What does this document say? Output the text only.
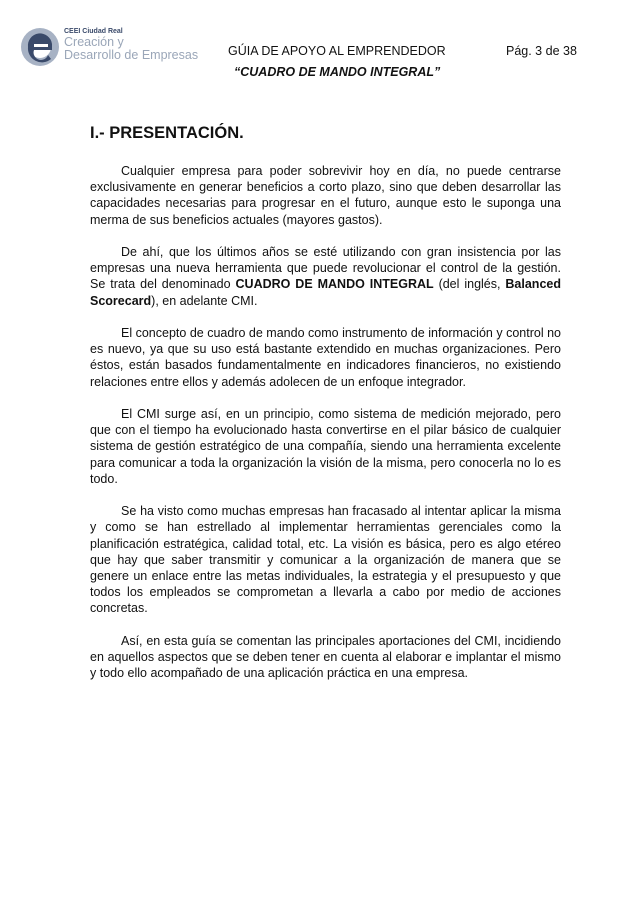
CEEI Ciudad Real
Creación y
Desarrollo de Empresas GÚIA DE APOYO AL EMPRENDEDOR	Pág. 3 de 38
“CUADRO DE MANDO INTEGRAL”
I.- PRESENTACIÓN.

Cualquier empresa para poder sobrevivir hoy en día, no puede centrarse exclusivamente en generar beneficios a corto plazo, sino que deben desarrollar las capacidades necesarias para progresar en el futuro, aunque esto le suponga una merma de sus beneficios actuales (mayores gastos).

De ahí, que los últimos años se esté utilizando con gran insistencia por las empresas una nueva herramienta que puede revolucionar el control de la gestión. Se trata del denominado CUADRO DE MANDO INTEGRAL (del inglés, Balanced Scorecard), en adelante CMI.

El concepto de cuadro de mando como instrumento de información y control no es nuevo, ya que su uso está bastante extendido en muchas organizaciones. Pero éstos, están basados fundamentalmente en indicadores financieros, no existiendo relaciones entre ellos y además adolecen de un enfoque integrador.

El CMI surge así, en un principio, como sistema de medición mejorado, pero que con el tiempo ha evolucionado hasta convertirse en el pilar básico de cualquier sistema de gestión estratégico de una compañía, siendo una herramienta excelente para comunicar a toda la organización la visión de la misma, pero conocerla no lo es todo.

Se ha visto como muchas empresas han fracasado al intentar aplicar la misma y como se han estrellado al implementar herramientas gerenciales como la planificación estratégica, calidad total, etc. La visión es básica, pero es algo etéreo que hay que saber transmitir y comunicar a la organización de manera que se genere un enlace entre las metas individuales, la estrategia y el presupuesto y que todos los empleados se comprometan a llevarla a cabo por medio de acciones concretas.

Así, en esta guía se comentan las principales aportaciones del CMI, incidiendo en aquellos aspectos que se deben tener en cuenta al elaborar e implantar el mismo y todo ello acompañado de una aplicación práctica en una empresa.
